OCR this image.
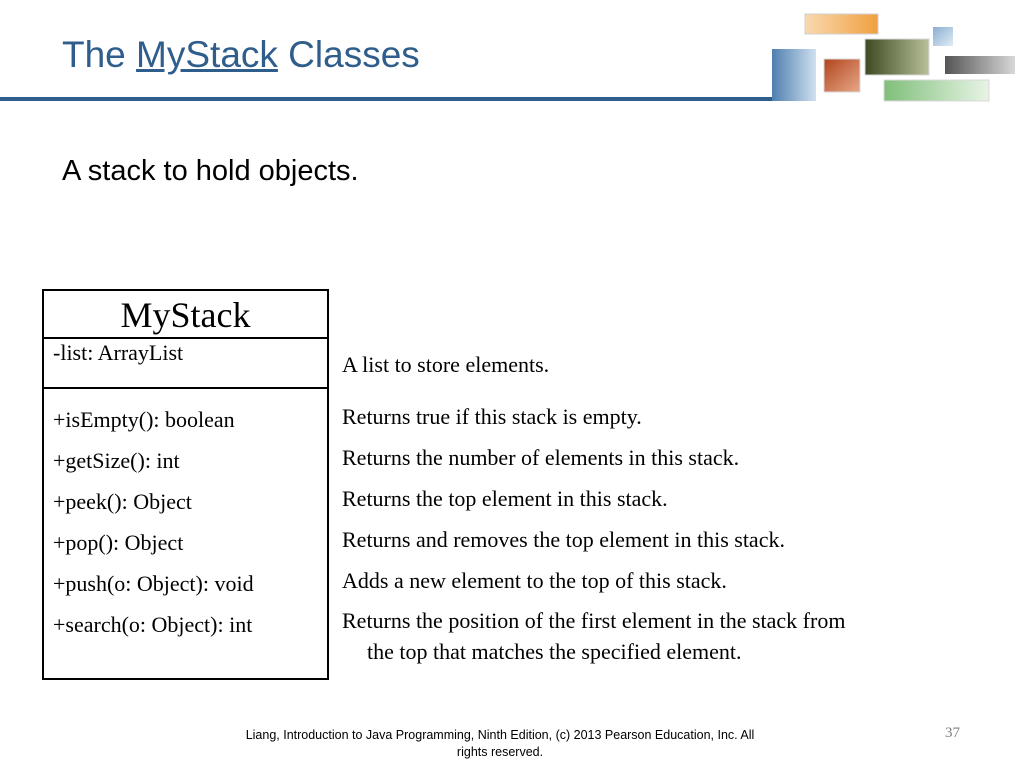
The MyStack Classes
A stack to hold objects.
MyStack
-list: ArrayList
+isEmpty(): boolean
+getSize(): int
+peek(): Object
+pop(): Object
+push(o: Object): void
+search(o: Object): int
A list to store elements.
Returns true if this stack is empty.
Returns the number of elements in this stack.
Returns the top element in this stack.
Returns and removes the top element in this stack.
Adds a new element to the top of this stack.
Returns the position of the first element in the stack from
the top that matches the specified element.
Liang, Introduction to Java Programming, Ninth Edition, (c) 2013 Pearson Education, Inc. All
rights reserved.
37
